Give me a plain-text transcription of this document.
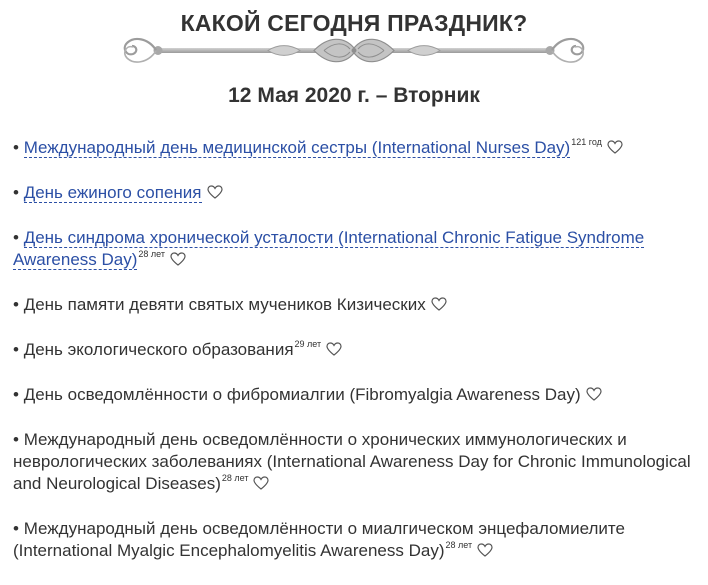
КАКОЙ СЕГОДНЯ ПРАЗДНИК?
12 Мая 2020 г. – Вторник
• Международный день медицинской сестры (International Nurses Day)$^{121 год}$
• День ежиного сопения
• День синдрома хронической усталости (International Chronic Fatigue Syndrome Awareness Day)$^{28 лет}$
• День памяти девяти святых мучеников Кизических
• День экологического образования$^{29 лет}$
• День осведомлённости о фибромиалгии (Fibromyalgia Awareness Day)
• Международный день осведомлённости о хронических иммунологических и неврологических заболеваниях (International Awareness Day for Chronic Immunological and Neurological Diseases)$^{28 лет}$
• Международный день осведомлённости о миалгическом энцефаломиелите (International Myalgic Encephalomyelitis Awareness Day)$^{28 лет}$
